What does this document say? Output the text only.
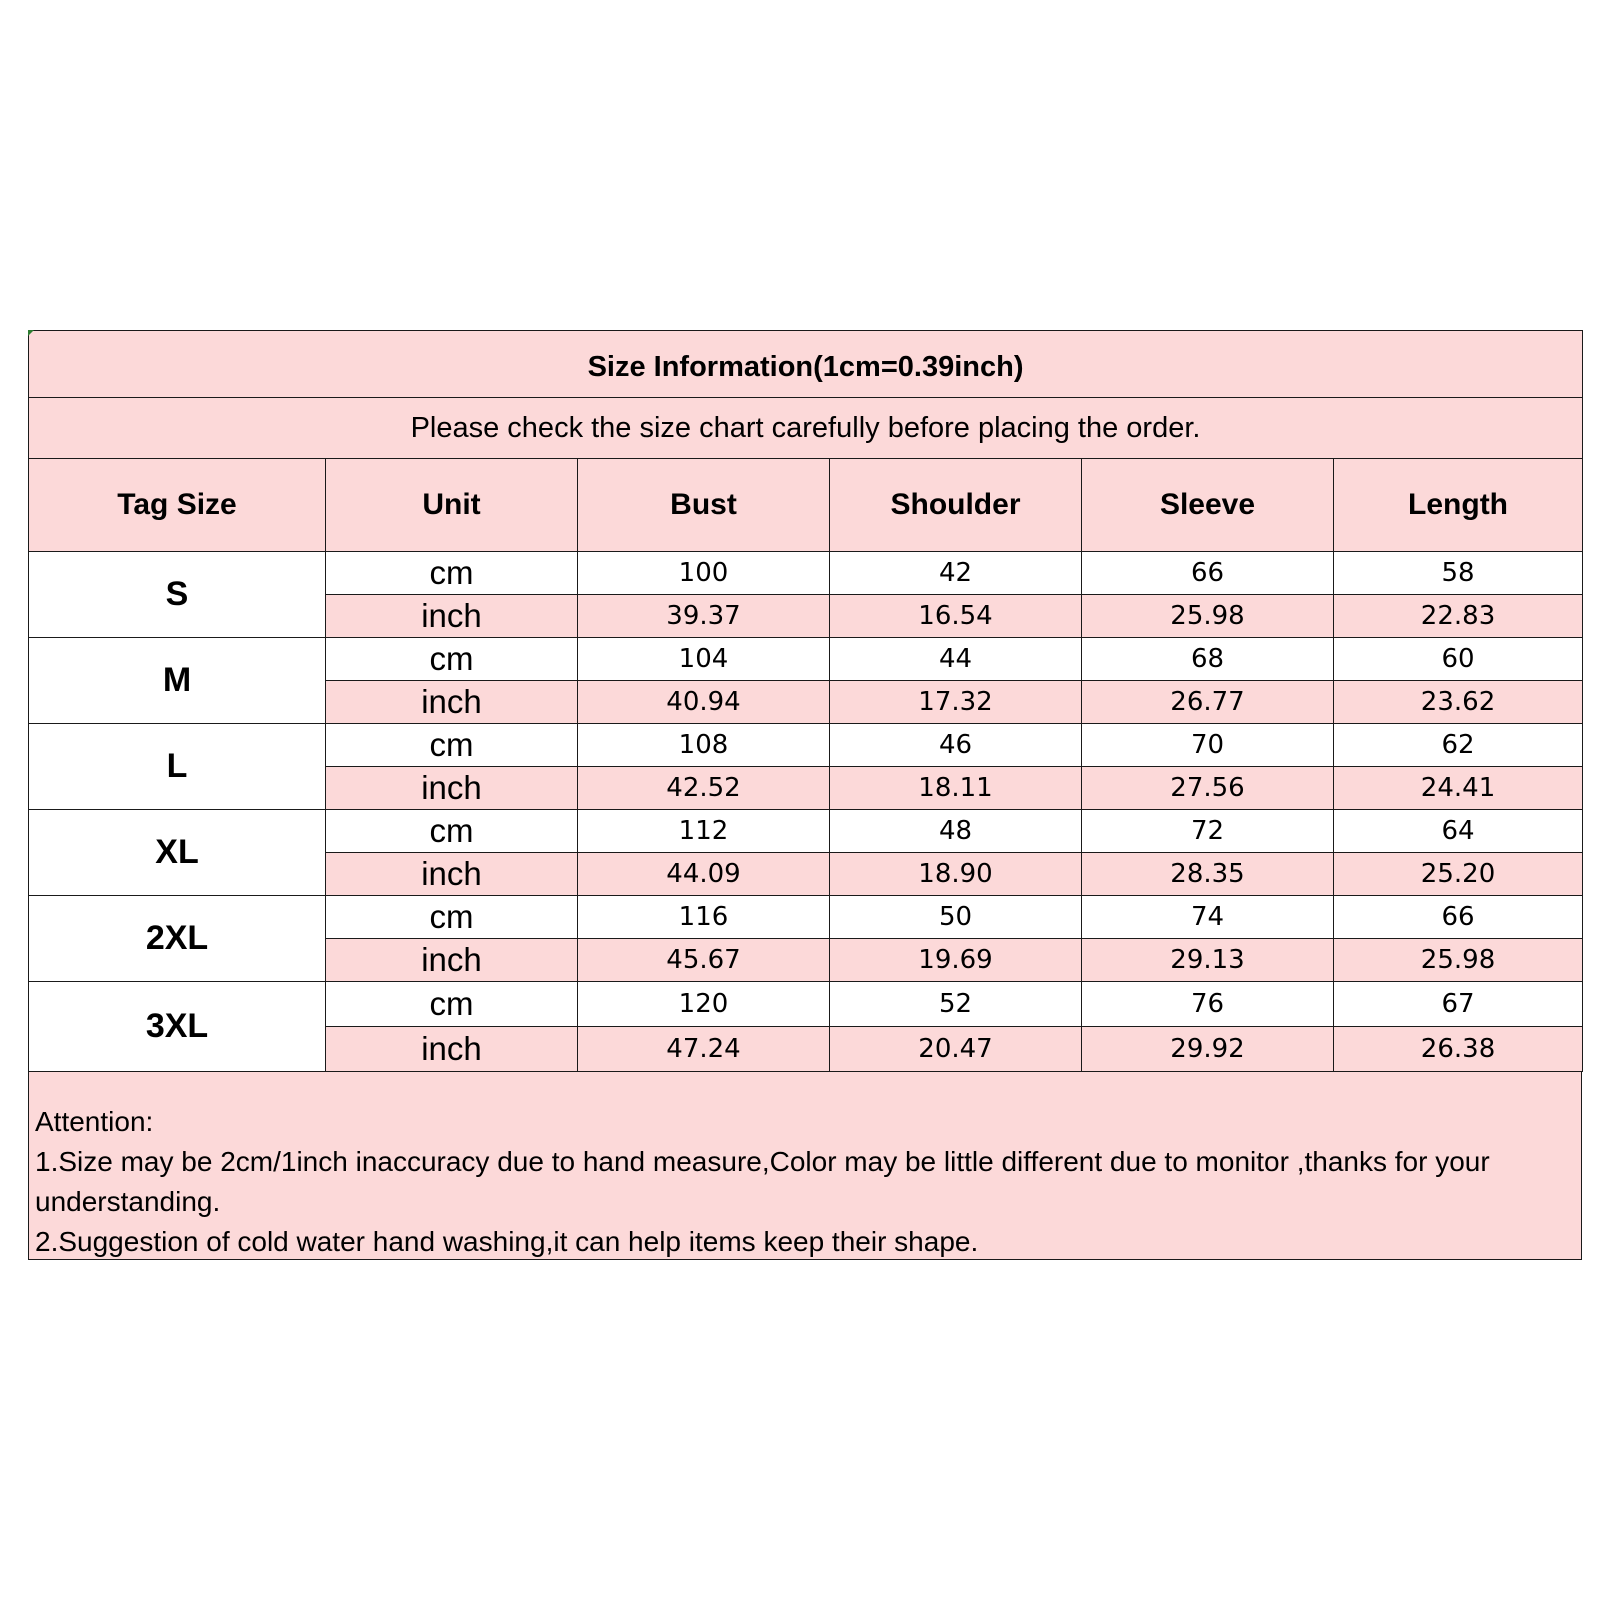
Size Information(1cm=0.39inch)					
Please check the size chart carefully before placing the order.					
Tag Size	Unit	Bust	Shoulder	Sleeve	Length
S	cm	100	42	66	58
	inch	39.37	16.54	25.98	22.83
M	cm	104	44	68	60
	inch	40.94	17.32	26.77	23.62
L	cm	108	46	70	62
	inch	42.52	18.11	27.56	24.41
XL	cm	112	48	72	64
	inch	44.09	18.90	28.35	25.20
2XL	cm	116	50	74	66
	inch	45.67	19.69	29.13	25.98
3XL	cm	120	52	76	67
	inch	47.24	20.47	29.92	26.38
Attention:
1.Size may be 2cm/1inch inaccuracy due to hand measure,Color may be little different due to monitor ,thanks for your understanding.
2.Suggestion of cold water hand washing,it can help items keep their shape.
